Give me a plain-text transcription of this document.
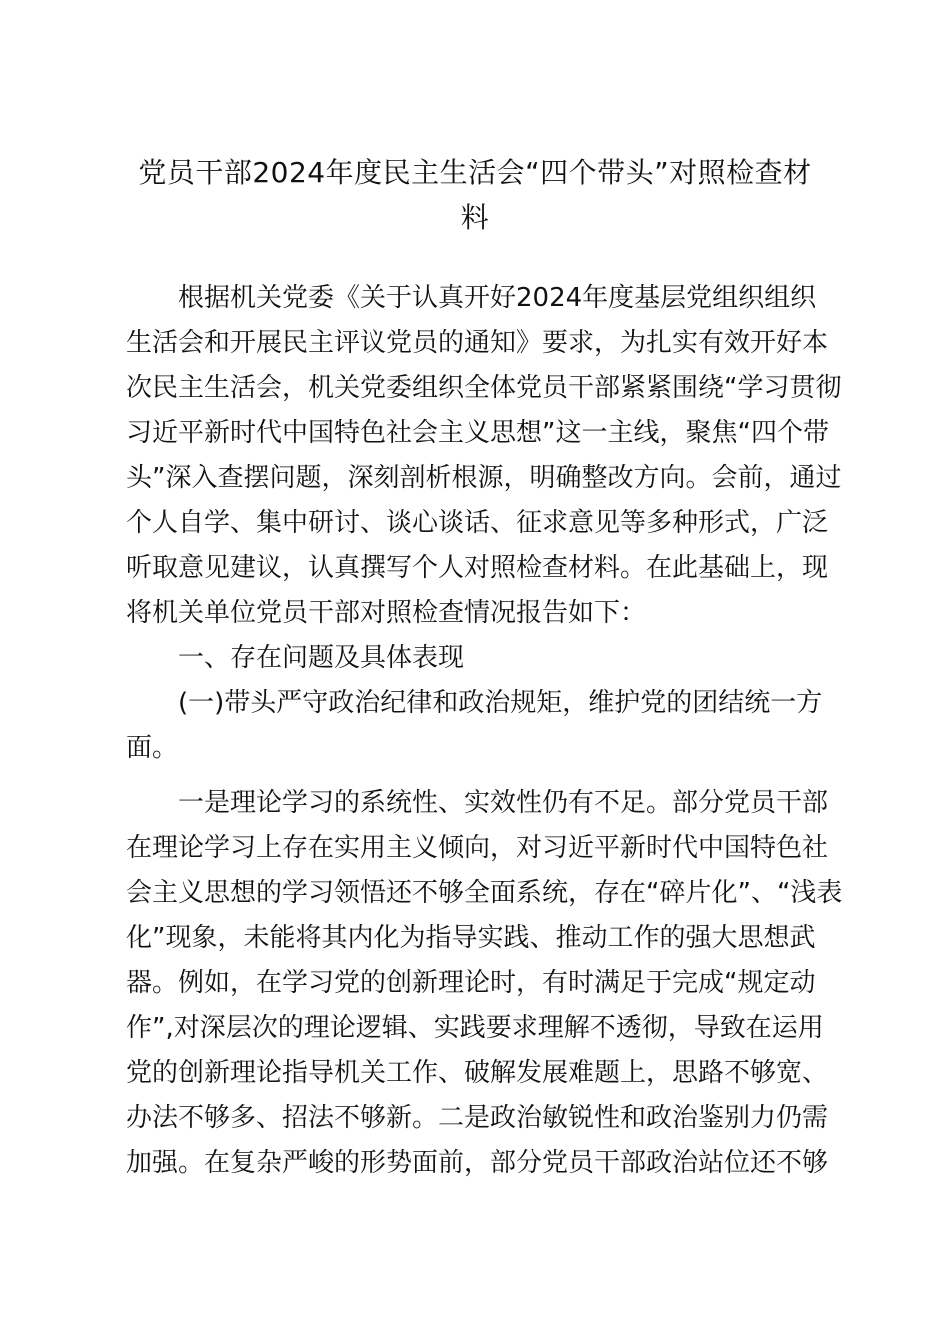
党员干部2024年度民主生活会“四个带头”对照检查材
料
根据机关党委《关于认真开好2024年度基层党组织组织
生活会和开展民主评议党员的通知》要求，为扎实有效开好本
次民主生活会，机关党委组织全体党员干部紧紧围绕“学习贯彻
习近平新时代中国特色社会主义思想”这一主线，聚焦“四个带
头”深入查摆问题，深刻剖析根源，明确整改方向。会前，通过
个人自学、集中研讨、谈心谈话、征求意见等多种形式，广泛
听取意见建议，认真撰写个人对照检查材料。在此基础上，现
将机关单位党员干部对照检查情况报告如下：
一、存在问题及具体表现
(一)带头严守政治纪律和政治规矩，维护党的团结统一方
面。
一是理论学习的系统性、实效性仍有不足。部分党员干部
在理论学习上存在实用主义倾向，对习近平新时代中国特色社
会主义思想的学习领悟还不够全面系统，存在“碎片化”、“浅表
化”现象，未能将其内化为指导实践、推动工作的强大思想武
器。例如，在学习党的创新理论时，有时满足于完成“规定动
作”,对深层次的理论逻辑、实践要求理解不透彻，导致在运用
党的创新理论指导机关工作、破解发展难题上，思路不够宽、
办法不够多、招法不够新。二是政治敏锐性和政治鉴别力仍需
加强。在复杂严峻的形势面前，部分党员干部政治站位还不够
